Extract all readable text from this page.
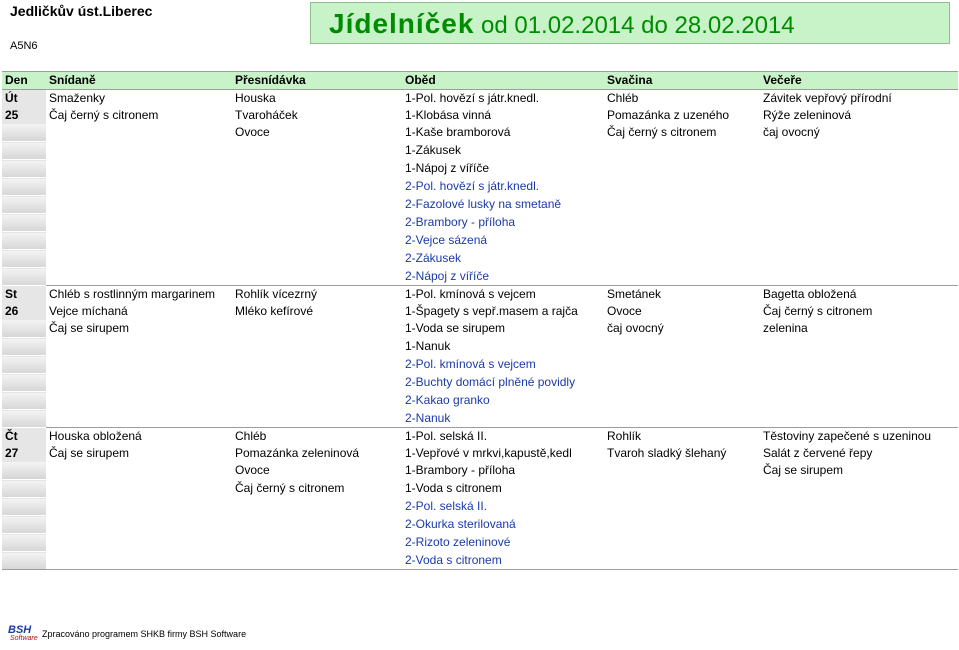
Jedličkův úst.Liberec
A5N6
Jídelníček od 01.02.2014 do 28.02.2014
Den	Snídaně	Přesnídávka	Oběd	Svačina	Večeře
Út	Smaženky	Houska	1-Pol. hovězí s játr.knedl.	Chléb	Závitek vepřový přírodní
25	Čaj černý s citronem	Tvaroháček	1-Klobása vinná	Pomazánka z uzeného	Rýže zeleninová
		Ovoce	1-Kaše bramborová	Čaj černý s citronem	čaj ovocný
			1-Zákusek		
			1-Nápoj z víříče		
			2-Pol. hovězí s játr.knedl.		
			2-Fazolové lusky na smetaně		
			2-Brambory - příloha		
			2-Vejce sázená		
			2-Zákusek		
			2-Nápoj z víříče		
St	Chléb s rostlinným margarinem	Rohlík vícezrný	1-Pol. kmínová s vejcem	Smetánek	Bagetta obložená
26	Vejce míchaná	Mléko kefírové	1-Špagety s vepř.masem a rajča	Ovoce	Čaj černý s citronem
	Čaj se sirupem		1-Voda se sirupem	čaj ovocný	zelenina
			1-Nanuk		
			2-Pol. kmínová s vejcem		
			2-Buchty domácí plněné povidly		
			2-Kakao granko		
			2-Nanuk		
Čt	Houska obložená	Chléb	1-Pol. selská II.	Rohlík	Těstoviny zapečené s uzeninou
27	Čaj se sirupem	Pomazánka zeleninová	1-Vepřové v mrkvi,kapustě,kedl	Tvaroh sladký šlehaný	Salát z červené řepy
		Ovoce	1-Brambory - příloha		Čaj se sirupem
		Čaj černý s citronem	1-Voda s citronem		
			2-Pol. selská II.		
			2-Okurka sterilovaná		
			2-Rizoto zeleninové		
			2-Voda s citronem		
BSH
Software Zpracováno programem SHKB firmy BSH Software
